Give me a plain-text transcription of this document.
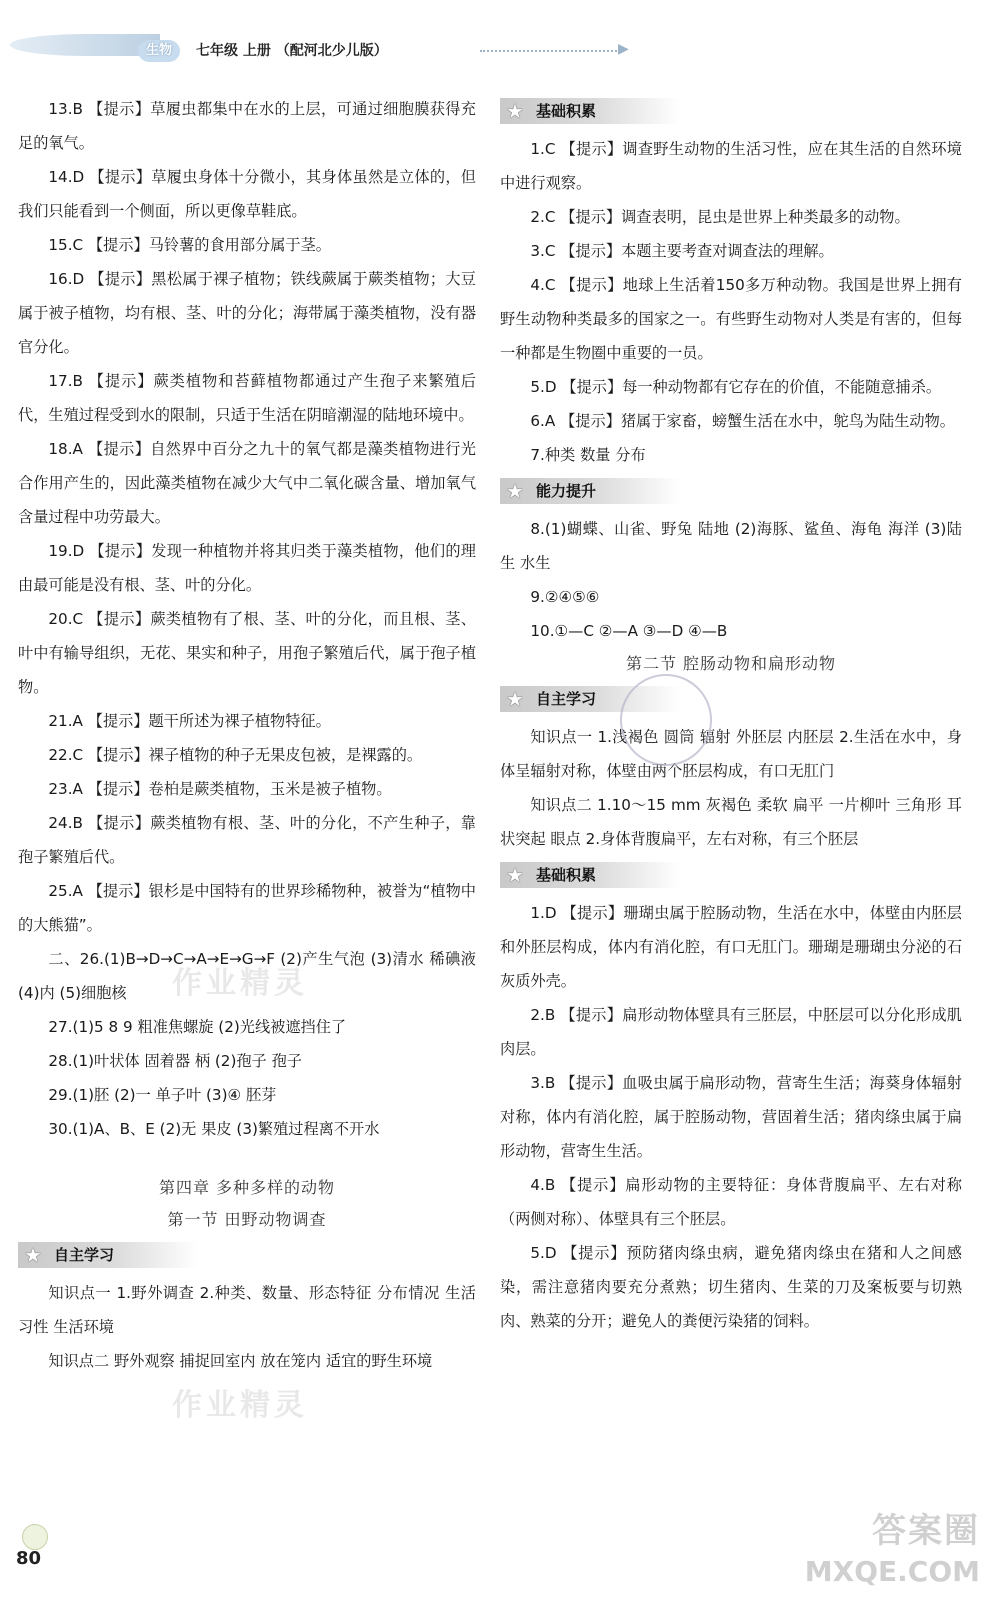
生物	七年级 上册 （配河北少儿版）	▶

13.B 【提示】草履虫都集中在水的上层，可通过细胞膜获得充足的氧气。

14.D 【提示】草履虫身体十分微小，其身体虽然是立体的，但我们只能看到一个侧面，所以更像草鞋底。

15.C 【提示】马铃薯的食用部分属于茎。

16.D 【提示】黑松属于裸子植物；铁线蕨属于蕨类植物；大豆属于被子植物，均有根、茎、叶的分化；海带属于藻类植物，没有器官分化。

17.B 【提示】蕨类植物和苔藓植物都通过产生孢子来繁殖后代，生殖过程受到水的限制，只适于生活在阴暗潮湿的陆地环境中。

18.A 【提示】自然界中百分之九十的氧气都是藻类植物进行光合作用产生的，因此藻类植物在减少大气中二氧化碳含量、增加氧气含量过程中功劳最大。

19.D 【提示】发现一种植物并将其归类于藻类植物，他们的理由最可能是没有根、茎、叶的分化。

20.C 【提示】蕨类植物有了根、茎、叶的分化，而且根、茎、叶中有输导组织，无花、果实和种子，用孢子繁殖后代，属于孢子植物。

21.A 【提示】题干所述为裸子植物特征。

22.C 【提示】裸子植物的种子无果皮包被，是裸露的。

23.A 【提示】卷柏是蕨类植物，玉米是被子植物。

24.B 【提示】蕨类植物有根、茎、叶的分化，不产生种子，靠孢子繁殖后代。

25.A 【提示】银杉是中国特有的世界珍稀物种，被誉为“植物中的大熊猫”。

二、26.(1)B→D→C→A→E→G→F (2)产生气泡 (3)清水 稀碘液 (4)内 (5)细胞核

27.(1)5 8 9 粗准焦螺旋 (2)光线被遮挡住了

28.(1)叶状体 固着器 柄 (2)孢子 孢子

29.(1)胚 (2)一 单子叶 (3)④ 胚芽

30.(1)A、B、E (2)无 果皮 (3)繁殖过程离不开水

第四章 多种多样的动物

第一节 田野动物调查

★ 自主学习

知识点一 1.野外调查 2.种类、数量、形态特征 分布情况 生活习性 生活环境

知识点二 野外观察 捕捉回室内 放在笼内 适宜的野生环境

★ 基础积累

1.C 【提示】调查野生动物的生活习性，应在其生活的自然环境中进行观察。

2.C 【提示】调查表明，昆虫是世界上种类最多的动物。

3.C 【提示】本题主要考查对调查法的理解。

4.C 【提示】地球上生活着150多万种动物。我国是世界上拥有野生动物种类最多的国家之一。有些野生动物对人类是有害的，但每一种都是生物圈中重要的一员。

5.D 【提示】每一种动物都有它存在的价值，不能随意捕杀。

6.A 【提示】猪属于家畜，螃蟹生活在水中，鸵鸟为陆生动物。

7.种类 数量 分布

★ 能力提升

8.(1)蝴蝶、山雀、野兔 陆地 (2)海豚、鲨鱼、海龟 海洋 (3)陆生 水生

9.②④⑤⑥

10.①—C ②—A ③—D ④—B

第二节 腔肠动物和扁形动物

★ 自主学习

知识点一 1.浅褐色 圆筒 辐射 外胚层 内胚层 2.生活在水中，身体呈辐射对称，体壁由两个胚层构成，有口无肛门

知识点二 1.10～15 mm 灰褐色 柔软 扁平 一片柳叶 三角形 耳状突起 眼点 2.身体背腹扁平，左右对称，有三个胚层

★ 基础积累

1.D 【提示】珊瑚虫属于腔肠动物，生活在水中，体壁由内胚层和外胚层构成，体内有消化腔，有口无肛门。珊瑚是珊瑚虫分泌的石灰质外壳。

2.B 【提示】扁形动物体壁具有三胚层，中胚层可以分化形成肌肉层。

3.B 【提示】血吸虫属于扁形动物，营寄生生活；海葵身体辐射对称，体内有消化腔，属于腔肠动物，营固着生活；猪肉绦虫属于扁形动物，营寄生生活。

4.B 【提示】扁形动物的主要特征：身体背腹扁平、左右对称（两侧对称）、体壁具有三个胚层。

5.D 【提示】预防猪肉绦虫病，避免猪肉绦虫在猪和人之间感染，需注意猪肉要充分煮熟；切生猪肉、生菜的刀及案板要与切熟肉、熟菜的分开；避免人的粪便污染猪的饲料。

作业精灵
作业精灵
80
答案圈
MXQE.COM
